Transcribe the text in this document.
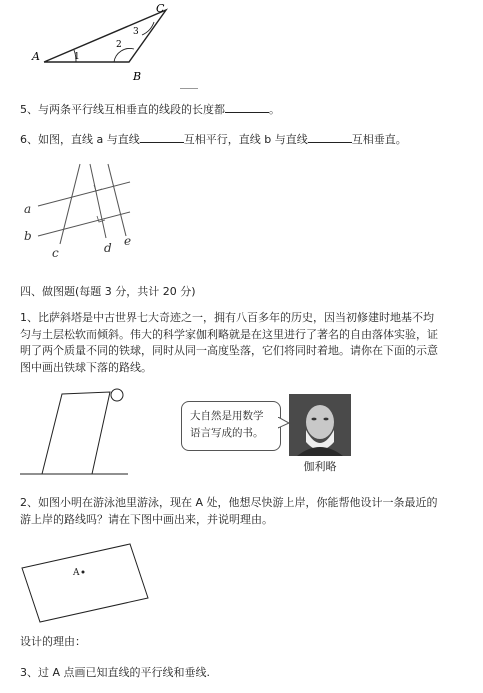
A
B
C
1
2
3
5、与两条平行线互相垂直的线段的长度都	。
6、如图，直线 a 与直线	互相平行，直线 b 与直线	互相垂直。
a
b
c	d e
四、做图题(每题 3 分，共计 20 分)
1、比萨斜塔是中古世界七大奇迹之一，拥有八百多年的历史，因当初修建时地基不均匀与土层松软而倾斜。伟大的科学家伽利略就是在这里进行了著名的自由落体实验，证明了两个质量不同的铁球，同时从同一高度坠落，它们将同时着地。请你在下面的示意图中画出铁球下落的路线。
大自然是用数学
语言写成的书。
伽利略
2、如图小明在游泳池里游泳，现在 A 处，他想尽快游上岸，你能帮他设计一条最近的游上岸的路线吗？请在下图中画出来，并说明理由。
A
设计的理由：
3、过 A 点画已知直线的平行线和垂线.
